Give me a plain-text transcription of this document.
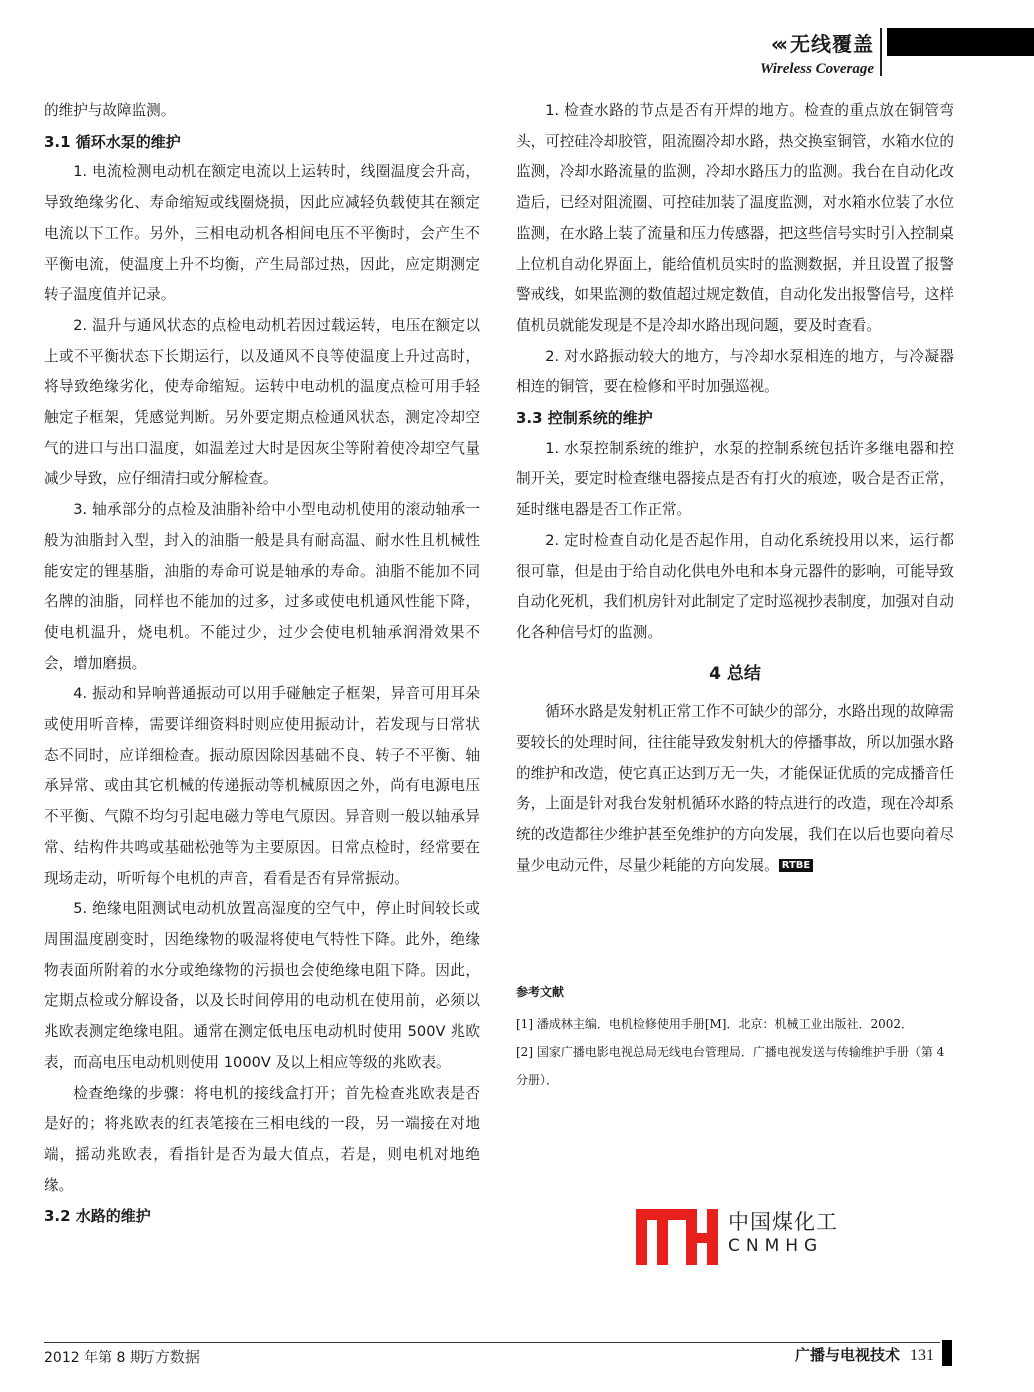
«‹ 无线覆盖
Wireless Coverage

的维护与故障监测。

3.1 循环水泵的维护

1. 电流检测电动机在额定电流以上运转时，线圈温度会升高，导致绝缘劣化、寿命缩短或线圈烧损，因此应减轻负载使其在额定电流以下工作。另外，三相电动机各相间电压不平衡时，会产生不平衡电流，使温度上升不均衡，产生局部过热，因此，应定期测定转子温度值并记录。

2. 温升与通风状态的点检电动机若因过载运转，电压在额定以上或不平衡状态下长期运行，以及通风不良等使温度上升过高时，将导致绝缘劣化，使寿命缩短。运转中电动机的温度点检可用手轻触定子框架，凭感觉判断。另外要定期点检通风状态，测定冷却空气的进口与出口温度，如温差过大时是因灰尘等附着使冷却空气量减少导致，应仔细清扫或分解检查。

3. 轴承部分的点检及油脂补给中小型电动机使用的滚动轴承一般为油脂封入型，封入的油脂一般是具有耐高温、耐水性且机械性能安定的锂基脂，油脂的寿命可说是轴承的寿命。油脂不能加不同名牌的油脂，同样也不能加的过多，过多或使电机通风性能下降，使电机温升，烧电机。不能过少，过少会使电机轴承润滑效果不会，增加磨损。

4. 振动和异响普通振动可以用手碰触定子框架，异音可用耳朵或使用听音棒，需要详细资料时则应使用振动计，若发现与日常状态不同时，应详细检查。振动原因除因基础不良、转子不平衡、轴承异常、或由其它机械的传递振动等机械原因之外，尚有电源电压不平衡、气隙不均匀引起电磁力等电气原因。异音则一般以轴承异常、结构件共鸣或基础松弛等为主要原因。日常点检时，经常要在现场走动，听听每个电机的声音，看看是否有异常振动。

5. 绝缘电阻测试电动机放置高湿度的空气中，停止时间较长或周围温度剧变时，因绝缘物的吸湿将使电气特性下降。此外，绝缘物表面所附着的水分或绝缘物的污损也会使绝缘电阻下降。因此，定期点检或分解设备，以及长时间停用的电动机在使用前，必须以兆欧表测定绝缘电阻。通常在测定低电压电动机时使用 500V 兆欧表，而高电压电动机则使用 1000V 及以上相应等级的兆欧表。

检查绝缘的步骤：将电机的接线盒打开；首先检查兆欧表是否是好的；将兆欧表的红表笔接在三相电线的一段，另一端接在对地端，摇动兆欧表，看指针是否为最大值点，若是，则电机对地绝缘。

3.2 水路的维护

1. 检查水路的节点是否有开焊的地方。检查的重点放在铜管弯头，可控硅冷却胶管，阻流圈冷却水路，热交换室铜管，水箱水位的监测，冷却水路流量的监测，冷却水路压力的监测。我台在自动化改造后，已经对阻流圈、可控硅加装了温度监测，对水箱水位装了水位监测，在水路上装了流量和压力传感器，把这些信号实时引入控制桌上位机自动化界面上，能给值机员实时的监测数据，并且设置了报警警戒线，如果监测的数值超过规定数值，自动化发出报警信号，这样值机员就能发现是不是冷却水路出现问题，要及时查看。

2. 对水路振动较大的地方，与冷却水泵相连的地方，与冷凝器相连的铜管，要在检修和平时加强巡视。

3.3 控制系统的维护

1. 水泵控制系统的维护，水泵的控制系统包括许多继电器和控制开关，要定时检查继电器接点是否有打火的痕迹，吸合是否正常，延时继电器是否工作正常。

2. 定时检查自动化是否起作用，自动化系统投用以来，运行都很可靠，但是由于给自动化供电外电和本身元器件的影响，可能导致自动化死机，我们机房针对此制定了定时巡视抄表制度，加强对自动化各种信号灯的监测。

4 总结

循环水路是发射机正常工作不可缺少的部分，水路出现的故障需要较长的处理时间，往往能导致发射机大的停播事故，所以加强水路的维护和改造，使它真正达到万无一失，才能保证优质的完成播音任务，上面是针对我台发射机循环水路的特点进行的改造，现在冷却系统的改造都往少维护甚至免维护的方向发展，我们在以后也要向着尽量少电动元件，尽量少耗能的方向发展。 RTBE

参考文献

[1] 潘成林主编．电机检修使用手册[M]．北京：机械工业出版社．2002．

[2] 国家广播电影电视总局无线电台管理局．广播电视发送与传输维护手册（第 4 分册）．

中国煤化工
CNMHG
2012 年第 8 期万方数据	广播与电视技术 131
